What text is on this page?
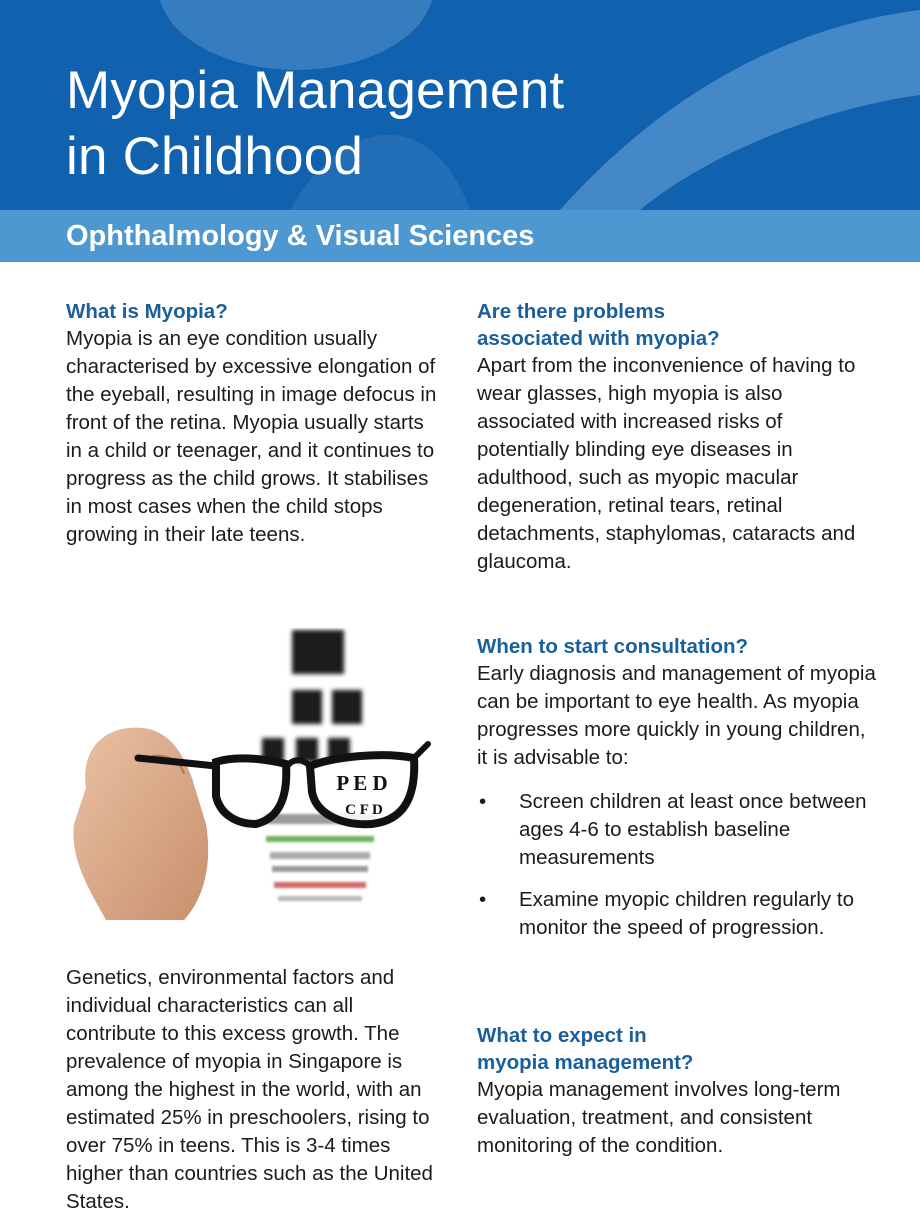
Myopia Management
in Childhood
Ophthalmology & Visual Sciences
What is Myopia?

Myopia is an eye condition usually characterised by excessive elongation of the eyeball, resulting in image defocus in front of the retina. Myopia usually starts in a child or teenager, and it continues to progress as the child grows. It stabilises in most cases when the child stops growing in their late teens.

P E D
C F D

Genetics, environmental factors and individual characteristics can all contribute to this excess growth. The prevalence of myopia in Singapore is among the highest in the world, with an estimated 25% in preschoolers, rising to over 75% in teens. This is 3-4 times higher than countries such as the United States.

Are there problems
associated with myopia?

Apart from the inconvenience of having to wear glasses, high myopia is also associated with increased risks of potentially blinding eye diseases in adulthood, such as myopic macular degeneration, retinal tears, retinal detachments, staphylomas, cataracts and glaucoma.

When to start consultation?

Early diagnosis and management of myopia can be important to eye health. As myopia progresses more quickly in young children, it is advisable to:

• Screen children at least once between ages 4-6 to establish baseline measurements
• Examine myopic children regularly to monitor the speed of progression.
What to expect in
myopia management?

Myopia management involves long-term evaluation, treatment, and consistent monitoring of the condition.
